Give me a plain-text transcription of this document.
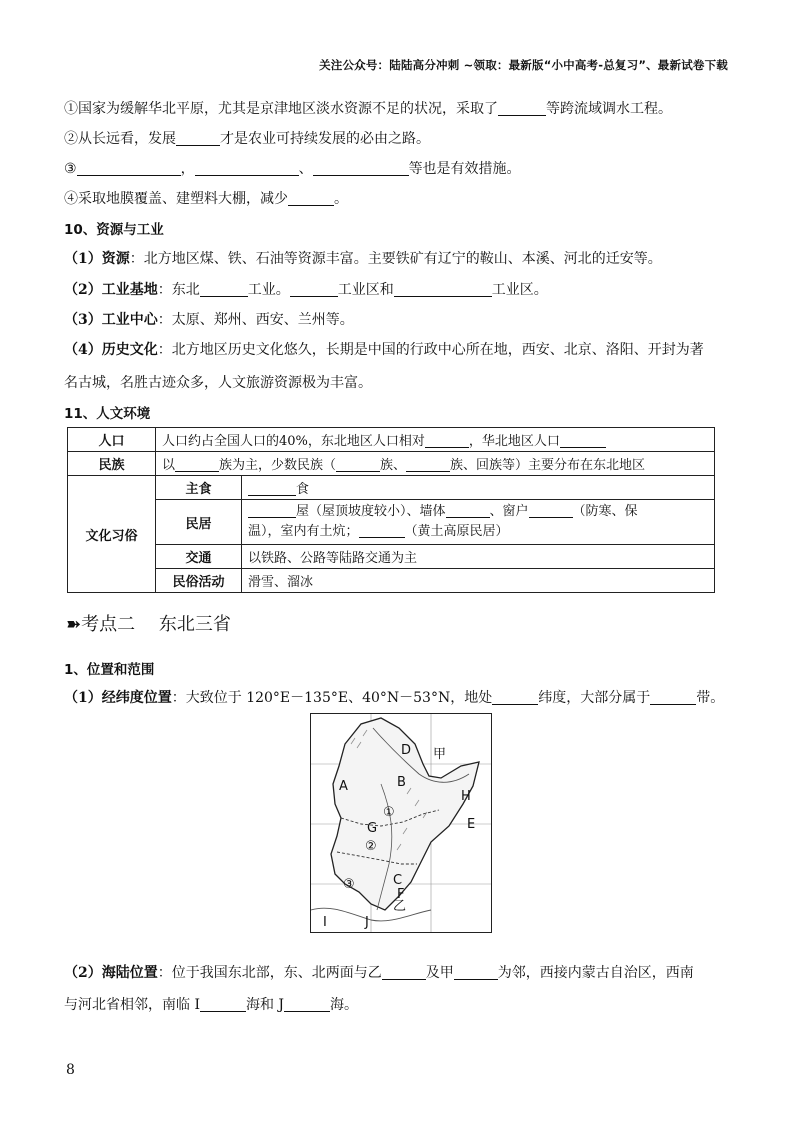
关注公众号：陆陆高分冲刺 ~领取：最新版“小中高考-总复习”、最新试卷下载
①国家为缓解华北平原，尤其是京津地区淡水资源不足的状况，采取了	等跨流域调水工程。
②从长远看，发展	才是农业可持续发展的必由之路。
③	，	、	等也是有效措施。
④采取地膜覆盖、建塑料大棚，减少	。
10、资源与工业
（1）资源：北方地区煤、铁、石油等资源丰富。主要铁矿有辽宁的鞍山、本溪、河北的迁安等。
（2）工业基地：东北	工业。	工业区和	工业区。
（3）工业中心：太原、郑州、西安、兰州等。
（4）历史文化：北方地区历史文化悠久，长期是中国的行政中心所在地，西安、北京、洛阳、开封为著
名古城，名胜古迹众多，人文旅游资源极为丰富。
11、人文环境
人口	人口约占全国人口的40%，东北地区人口相对 ，华北地区人口	
民族	以 族为主，少数民族（ 族、 族、回族等）主要分布在东北地区	
文化习俗	主食	食
	民居	屋（屋顶坡度较小）、墙体 、窗户 （防寒、保
温），室内有土炕； （黄土高原民居）
	交通	以铁路、公路等陆路交通为主
	民俗活动	滑雪、溜冰
➽考点二　 东北三省
1、位置和范围
（1）经纬度位置：大致位于 120°E－135°E、40°N－53°N，地处	纬度，大部分属于	带。
D 甲
A	B
H
①
G	E
②
③	C
F
乙
I	J
（2）海陆位置：位于我国东北部，东、北两面与乙	及甲	为邻，西接内蒙古自治区，西南
与河北省相邻，南临 I	海和 J	海。
8
